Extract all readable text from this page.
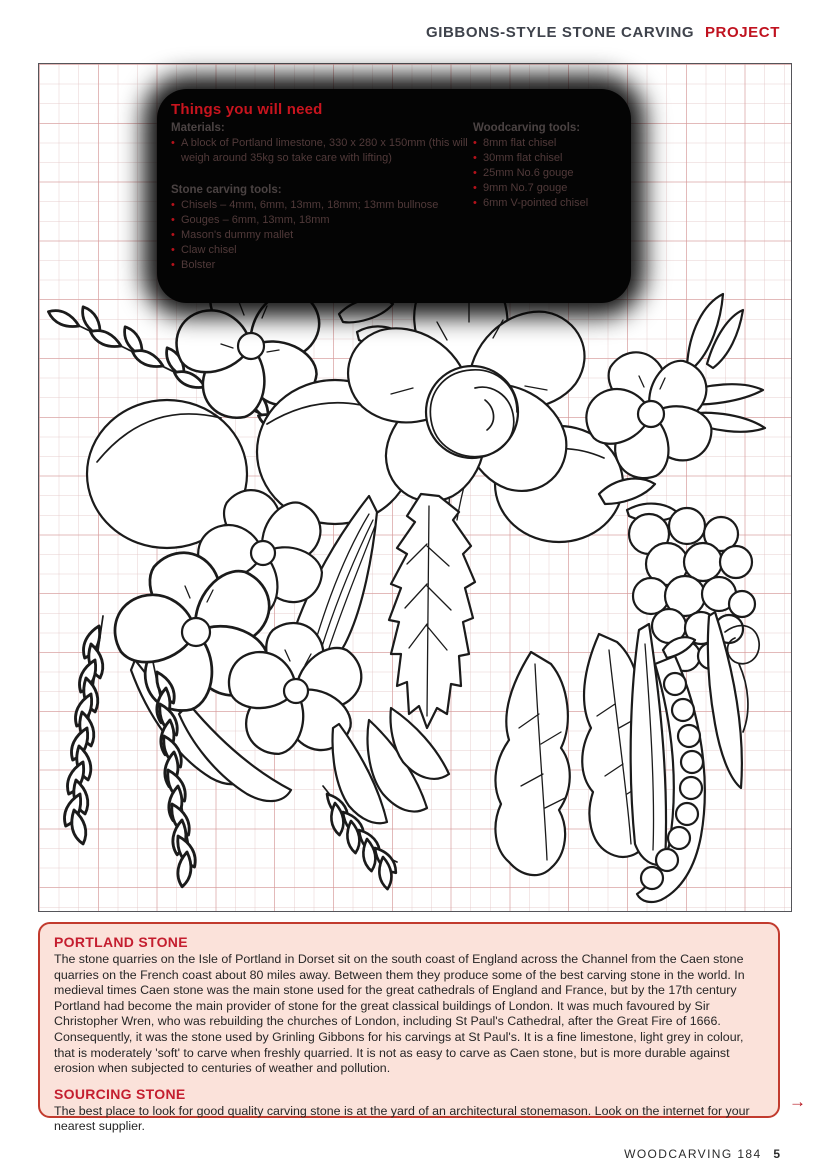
GIBBONS-STYLE STONE CARVING PROJECT
Things you will need
Materials:
• A block of Portland limestone, 330 x 280 x 150mm (this will weigh around 35kg so take care with lifting)
Stone carving tools:
• Chisels – 4mm, 6mm, 13mm, 18mm; 13mm bullnose
• Gouges – 6mm, 13mm, 18mm
• Mason's dummy mallet
• Claw chisel
• Bolster
Woodcarving tools:
• 8mm flat chisel
• 30mm flat chisel
• 25mm No.6 gouge
• 9mm No.7 gouge
• 6mm V-pointed chisel
PORTLAND STONE

The stone quarries on the Isle of Portland in Dorset sit on the south coast of England across the Channel from the Caen stone quarries on the French coast about 80 miles away. Between them they produce some of the best carving stone in the world. In medieval times Caen stone was the main stone used for the great cathedrals of England and France, but by the 17th century Portland had become the main provider of stone for the great classical buildings of London. It was much favoured by Sir Christopher Wren, who was rebuilding the churches of London, including St Paul's Cathedral, after the Great Fire of 1666. Consequently, it was the stone used by Grinling Gibbons for his carvings at St Paul's. It is a fine limestone, light grey in colour, that is moderately 'soft' to carve when freshly quarried. It is not as easy to carve as Caen stone, but is more durable against erosion when subjected to centuries of weather and pollution.

SOURCING STONE

The best place to look for good quality carving stone is at the yard of an architectural stonemason. Look on the internet for your nearest supplier.

→
WOODCARVING 184 5
